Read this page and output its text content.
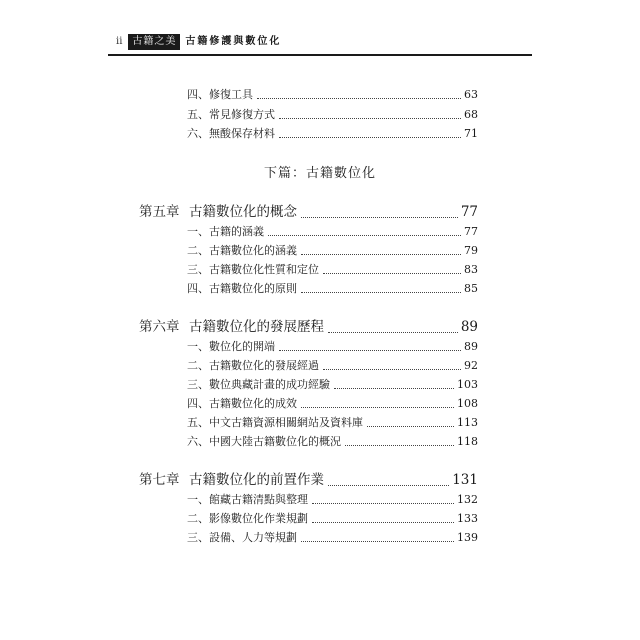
ii	古籍之美 古籍修護與數位化
四、修復工具	63
五、常見修復方式	68
六、無酸保存材料	71
下篇：古籍數位化
第五章 古籍數位化的概念	77
一、古籍的涵義	77
二、古籍數位化的涵義	79
三、古籍數位化性質和定位	83
四、古籍數位化的原則	85
第六章 古籍數位化的發展歷程	89
一、數位化的開端	89
二、古籍數位化的發展經過	92
三、數位典藏計畫的成功經驗	103
四、古籍數位化的成效	108
五、中文古籍資源相關網站及資料庫	113
六、中國大陸古籍數位化的概況	118
第七章 古籍數位化的前置作業	131
一、館藏古籍清點與整理	132
二、影像數位化作業規劃	133
三、設備、人力等規劃	139
